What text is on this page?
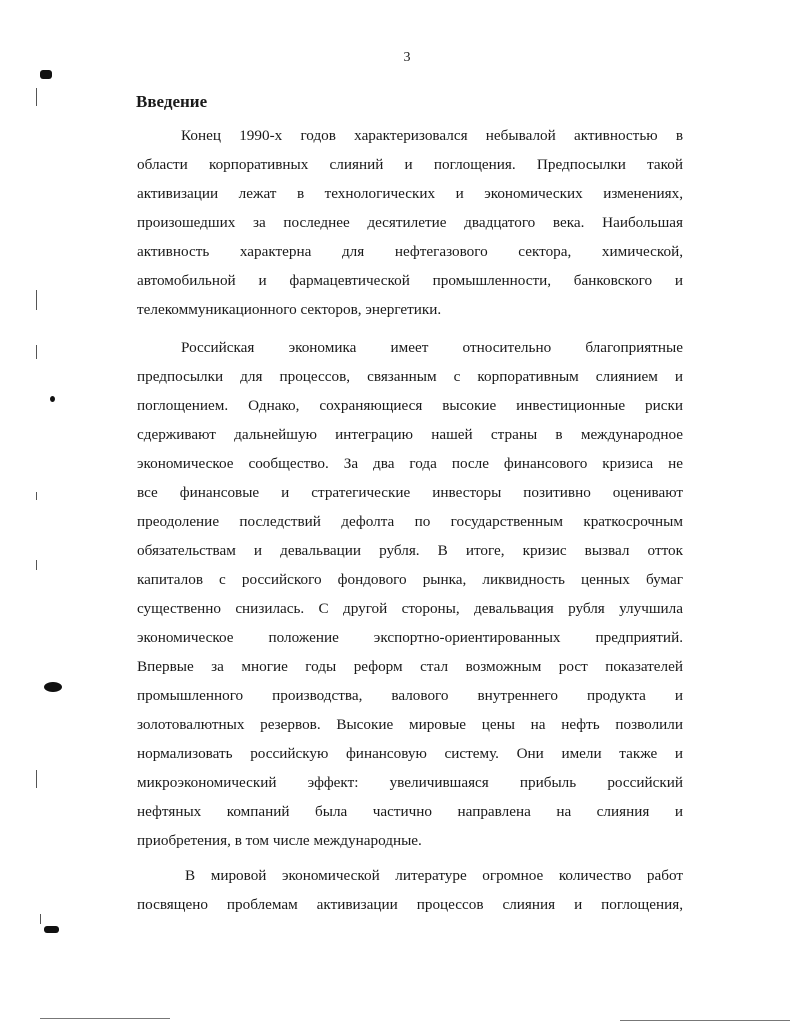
3
Введение
Конец 1990-х годов характеризовался небывалой активностью в
области корпоративных слияний и поглощения. Предпосылки такой
активизации лежат в технологических и экономических изменениях,
произошедших за последнее десятилетие двадцатого века. Наибольшая
активность характерна для нефтегазового сектора, химической,
автомобильной и фармацевтической промышленности, банковского и
телекоммуникационного секторов, энергетики.
Российская экономика имеет относительно благоприятные
предпосылки для процессов, связанным с корпоративным слиянием и
поглощением. Однако, сохраняющиеся высокие инвестиционные риски
сдерживают дальнейшую интеграцию нашей страны в международное
экономическое сообщество. За два года после финансового кризиса не
все финансовые и стратегические инвесторы позитивно оценивают
преодоление последствий дефолта по государственным краткосрочным
обязательствам и девальвации рубля. В итоге, кризис вызвал отток
капиталов с российского фондового рынка, ликвидность ценных бумаг
существенно снизилась. С другой стороны, девальвация рубля улучшила
экономическое положение экспортно-ориентированных предприятий.
Впервые за многие годы реформ стал возможным рост показателей
промышленного производства, валового внутреннего продукта и
золотовалютных резервов. Высокие мировые цены на нефть позволили
нормализовать российскую финансовую систему. Они имели также и
микроэкономический эффект: увеличившаяся прибыль российский
нефтяных компаний была частично направлена на слияния и
приобретения, в том числе международные.
В мировой экономической литературе огромное количество работ
посвящено проблемам активизации процессов слияния и поглощения,
